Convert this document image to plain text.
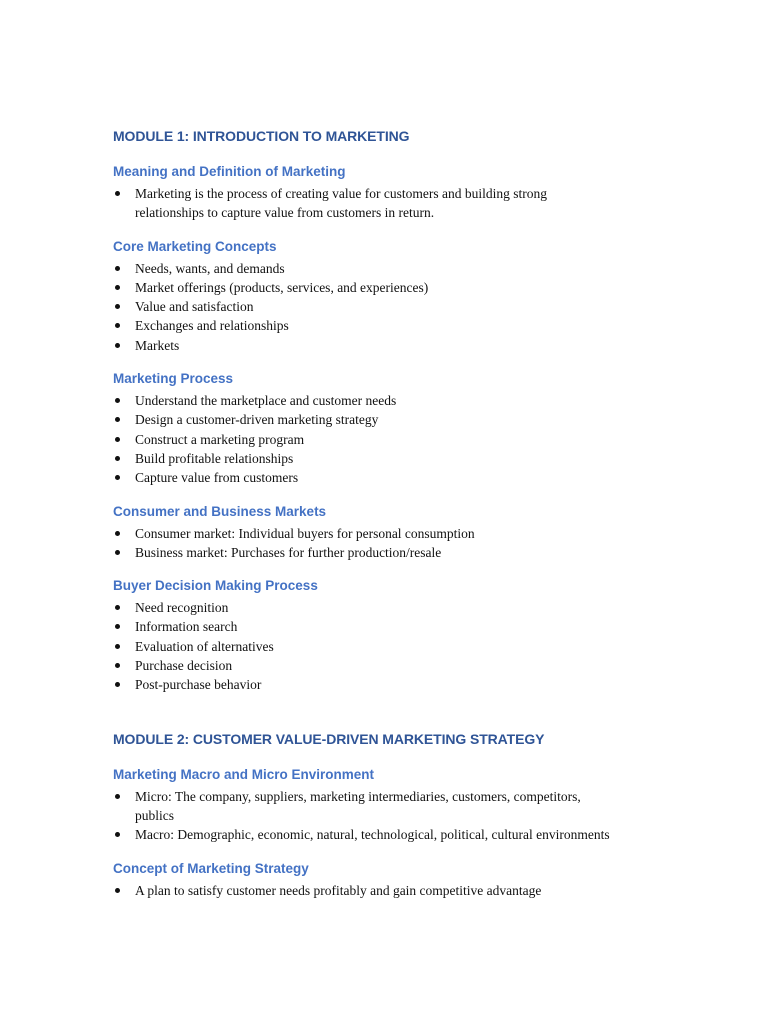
MODULE 1: INTRODUCTION TO MARKETING
Meaning and Definition of Marketing
Marketing is the process of creating value for customers and building strong
relationships to capture value from customers in return.
Core Marketing Concepts
Needs, wants, and demands
Market offerings (products, services, and experiences)
Value and satisfaction
Exchanges and relationships
Markets
Marketing Process
Understand the marketplace and customer needs
Design a customer-driven marketing strategy
Construct a marketing program
Build profitable relationships
Capture value from customers
Consumer and Business Markets
Consumer market: Individual buyers for personal consumption
Business market: Purchases for further production/resale
Buyer Decision Making Process
Need recognition
Information search
Evaluation of alternatives
Purchase decision
Post-purchase behavior
MODULE 2: CUSTOMER VALUE-DRIVEN MARKETING STRATEGY
Marketing Macro and Micro Environment
Micro: The company, suppliers, marketing intermediaries, customers, competitors,
publics
Macro: Demographic, economic, natural, technological, political, cultural environments
Concept of Marketing Strategy
A plan to satisfy customer needs profitably and gain competitive advantage
